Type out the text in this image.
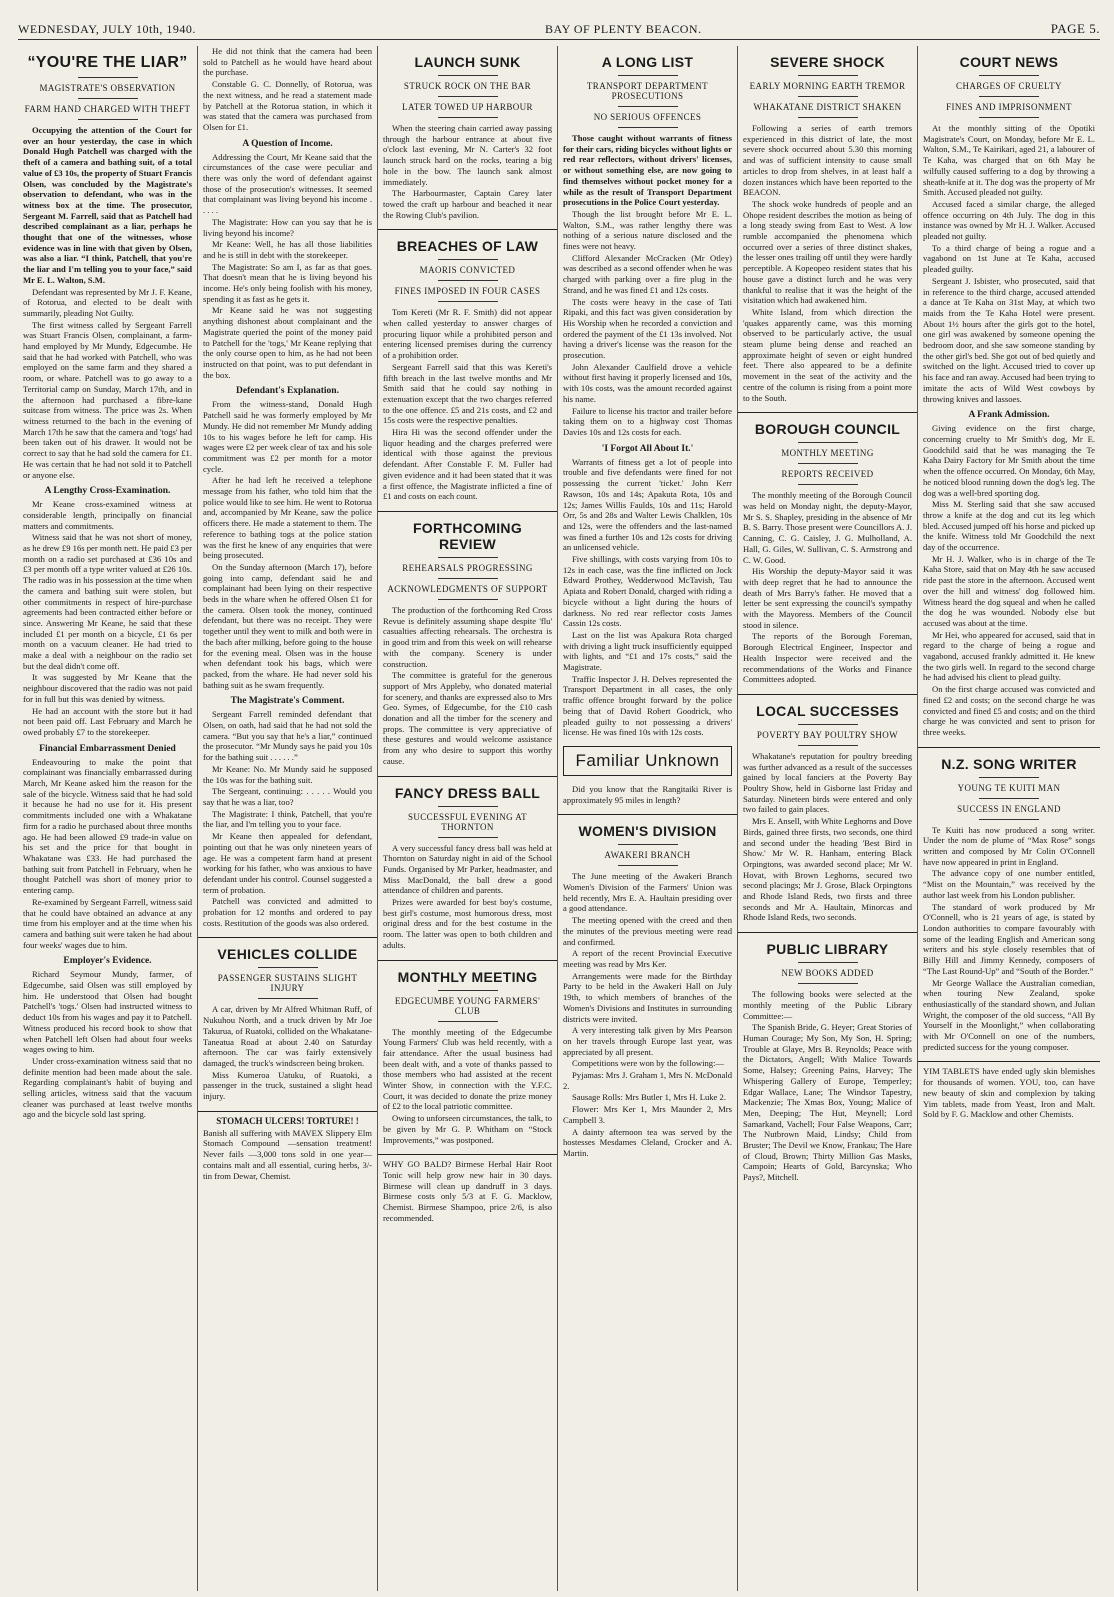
WEDNESDAY, JULY 10th, 1940.	BAY OF PLENTY BEACON.	PAGE 5.
“YOU'RE THE LIAR”
MAGISTRATE'S OBSERVATION
FARM HAND CHARGED WITH THEFT

Occupying the attention of the Court for over an hour yesterday, the case in which Donald Hugh Patchell was charged with the theft of a camera and bathing suit, of a total value of £3 10s, the property of Stuart Francis Olsen, was concluded by the Magistrate's observation to defendant, who was in the witness box at the time. The prosecutor, Sergeant M. Farrell, said that as Patchell had described complainant as a liar, perhaps he thought that one of the witnesses, whose evidence was in line with that given by Olsen, was also a liar. “I think, Patchell, that you're the liar and I'm telling you to your face,” said Mr E. L. Walton, S.M.

Defendant was represented by Mr J. F. Keane, of Rotorua, and elected to be dealt with summarily, pleading Not Guilty.

The first witness called by Sergeant Farrell was Stuart Francis Olsen, complainant, a farm-hand employed by Mr Mundy, Edgecumbe. He said that he had worked with Patchell, who was employed on the same farm and they shared a room, or whare. Patchell was to go away to a Territorial camp on Sunday, March 17th, and in the afternoon had purchased a fibre-kane suitcase from witness. The price was 2s. When witness returned to the bach in the evening of March 17th he saw that the camera and 'togs' had been taken out of his drawer. It would not be correct to say that he had sold the camera for £1. He was certain that he had not sold it to Patchell or anyone else.

A Lengthy Cross-Examination.

Mr Keane cross-examined witness at considerable length, principally on financial matters and commitments.

Witness said that he was not short of money, as he drew £9 16s per month nett. He paid £3 per month on a radio set purchased at £36 10s and £3 per month off a type writer valued at £26 10s. The radio was in his possession at the time when the camera and bathing suit were stolen, but other commitments in respect of hire-purchase agreements had been contracted either before or since. Answering Mr Keane, he said that these included £1 per month on a bicycle, £1 6s per month on a vacuum cleaner. He had tried to make a deal with a neighbour on the radio set but the deal didn't come off.

It was suggested by Mr Keane that the neighbour discovered that the radio was not paid for in full but this was denied by witness.

He had an account with the store but it had not been paid off. Last February and March he owed probably £7 to the storekeeper.

Financial Embarrassment Denied

Endeavouring to make the point that complainant was financially embarrassed during March, Mr Keane asked him the reason for the sale of the bicycle. Witness said that he had sold it because he had no use for it. His present commitments included one with a Whakatane firm for a radio he purchased about three months ago. He had been allowed £9 trade-in value on his set and the price for that bought in Whakatane was £33. He had purchased the bathing suit from Patchell in February, when he thought Patchell was short of money prior to entering camp.

Re-examined by Sergeant Farrell, witness said that he could have obtained an advance at any time from his employer and at the time when his camera and bathing suit were taken he had about four weeks' wages due to him.

Employer's Evidence.

Richard Seymour Mundy, farmer, of Edgecumbe, said Olsen was still employed by him. He understood that Olsen had bought Patchell's 'togs.' Olsen had instructed witness to deduct 10s from his wages and pay it to Patchell. Witness produced his record book to show that when Patchell left Olsen had about four weeks wages owing to him.

Under cross-examination witness said that no definite mention had been made about the sale. Regarding complainant's habit of buying and selling articles, witness said that the vacuum cleaner was purchased at least twelve months ago and the bicycle sold last spring.

He did not think that the camera had been sold to Patchell as he would have heard about the purchase.

Constable G. C. Donnelly, of Rotorua, was the next witness, and he read a statement made by Patchell at the Rotorua station, in which it was stated that the camera was purchased from Olsen for £1.

A Question of Income.

Addressing the Court, Mr Keane said that the circumstances of the case were peculiar and there was only the word of defendant against those of the prosecution's witnesses. It seemed that complainant was living beyond his income . . . . .

The Magistrate: How can you say that he is living beyond his income?

Mr Keane: Well, he has all those liabilities and he is still in debt with the storekeeper.

The Magistrate: So am I, as far as that goes. That doesn't mean that he is living beyond his income. He's only being foolish with his money, spending it as fast as he gets it.

Mr Keane said he was not suggesting anything dishonest about complainant and the Magistrate queried the point of the money paid to Patchell for the 'togs,' Mr Keane replying that the only course open to him, as he had not been instructed on that point, was to put defendant in the box.

Defendant's Explanation.

From the witness-stand, Donald Hugh Patchell said he was formerly employed by Mr Mundy. He did not remember Mr Mundy adding 10s to his wages before he left for camp. His wages were £2 per week clear of tax and his sole commitment was £2 per month for a motor cycle.

After he had left he received a telephone message from his father, who told him that the police would like to see him. He went to Rotorua and, accompanied by Mr Keane, saw the police officers there. He made a statement to them. The reference to bathing togs at the police station was the first he knew of any enquiries that were being prosecuted.

On the Sunday afternoon (March 17), before going into camp, defendant said he and complainant had been lying on their respective beds in the whare when he offered Olsen £1 for the camera. Olsen took the money, continued defendant, but there was no receipt. They were together until they went to milk and both were in the bach after milking, before going to the house for the evening meal. Olsen was in the house when defendant took his bags, which were packed, from the whare. He had never sold his bathing suit as he swam frequently.

The Magistrate's Comment.

Sergeant Farrell reminded defendant that Olsen, on oath, had said that he had not sold the camera. “But you say that he's a liar,” continued the prosecutor. “Mr Mundy says he paid you 10s for the bathing suit . . . . . .”

Mr Keane: No. Mr Mundy said he supposed the 10s was for the bathing suit.

The Sergeant, continuing: . . . . . Would you say that he was a liar, too?

The Magistrate: I think, Patchell, that you're the liar, and I'm telling you to your face.

Mr Keane then appealed for defendant, pointing out that he was only nineteen years of age. He was a competent farm hand at present working for his father, who was anxious to have defendant under his control. Counsel suggested a term of probation.

Patchell was convicted and admitted to probation for 12 months and ordered to pay costs. Restitution of the goods was also ordered.

VEHICLES COLLIDE
PASSENGER SUSTAINS SLIGHT INJURY

A car, driven by Mr Alfred Whitman Ruff, of Nukuhou North, and a truck driven by Mr Joe Takurua, of Ruatoki, collided on the Whakatane-Taneatua Road at about 2.40 on Saturday afternoon. The car was fairly extensively damaged, the truck's windscreen being broken.

Miss Kumeroa Uatuku, of Ruatoki, a passenger in the truck, sustained a slight head injury.

STOMACH ULCERS! TORTURE! !

Banish all suffering with MAVEX Slippery Elm Stomach Compound —sensation treatment! Never fails —3,000 tons sold in one year—contains malt and all essential, curing herbs, 3/- tin from Dewar, Chemist.

LAUNCH SUNK
STRUCK ROCK ON THE BAR
LATER TOWED UP HARBOUR

When the steering chain carried away passing through the harbour entrance at about five o'clock last evening, Mr N. Carter's 32 foot launch struck hard on the rocks, tearing a big hole in the bow. The launch sank almost immediately.

The Harbourmaster, Captain Carey later towed the craft up harbour and beached it near the Rowing Club's pavilion.

BREACHES OF LAW
MAORIS CONVICTED
FINES IMPOSED IN FOUR CASES

Tom Kereti (Mr R. F. Smith) did not appear when called yesterday to answer charges of procuring liquor while a prohibited person and entering licensed premises during the currency of a prohibition order.

Sergeant Farrell said that this was Kereti's fifth breach in the last twelve months and Mr Smith said that he could say nothing in extenuation except that the two charges referred to the one offence. £5 and 21s costs, and £2 and 15s costs were the respective penalties.

Hira Hi was the second offender under the liquor heading and the charges preferred were identical with those against the previous defendant. After Constable F. M. Fuller had given evidence and it had been stated that it was a first offence, the Magistrate inflicted a fine of £1 and costs on each count.

FORTHCOMING REVIEW
REHEARSALS PROGRESSING
ACKNOWLEDGMENTS OF SUPPORT

The production of the forthcoming Red Cross Revue is definitely assuming shape despite 'flu' casualties affecting rehearsals. The orchestra is in good trim and from this week on will rehearse with the company. Scenery is under construction.

The committee is grateful for the generous support of Mrs Appleby, who donated material for scenery, and thanks are expressed also to Mrs Geo. Symes, of Edgecumbe, for the £10 cash donation and all the timber for the scenery and props. The committee is very appreciative of these gestures and would welcome assistance from any who desire to support this worthy cause.

FANCY DRESS BALL
SUCCESSFUL EVENING AT THORNTON

A very successful fancy dress ball was held at Thornton on Saturday night in aid of the School Funds. Organised by Mr Parker, headmaster, and Miss MacDonald, the ball drew a good attendance of children and parents.

Prizes were awarded for best boy's costume, best girl's costume, most humorous dress, most original dress and for the best costume in the room. The latter was open to both children and adults.

MONTHLY MEETING
EDGECUMBE YOUNG FARMERS' CLUB

The monthly meeting of the Edgecumbe Young Farmers' Club was held recently, with a fair attendance. After the usual business had been dealt with, and a vote of thanks passed to those members who had assisted at the recent Winter Show, in connection with the Y.F.C. Court, it was decided to donate the prize money of £2 to the local patriotic committee.

Owing to unforseen circumstances, the talk, to be given by Mr G. P. Whitham on “Stock Improvements,” was postponed.

WHY GO BALD? Birmese Herbal Hair Root Tonic will help grow new hair in 30 days. Birmese will clean up dandruff in 3 days. Birmese costs only 5/3 at F. G. Macklow, Chemist. Birmese Shampoo, price 2/6, is also recommended.

A LONG LIST
TRANSPORT DEPARTMENT PROSECUTIONS
NO SERIOUS OFFENCES

Those caught without warrants of fitness for their cars, riding bicycles without lights or red rear reflectors, without drivers' licenses, or without something else, are now going to find themselves without pocket money for a while as the result of Transport Department prosecutions in the Police Court yesterday.

Though the list brought before Mr E. L. Walton, S.M., was rather lengthy there was nothing of a serious nature disclosed and the fines were not heavy.

Clifford Alexander McCracken (Mr Otley) was described as a second offender when he was charged with parking over a fire plug in the Strand, and he was fined £1 and 12s costs.

The costs were heavy in the case of Tati Ripaki, and this fact was given consideration by His Worship when he recorded a conviction and ordered the payment of the £1 13s involved. Not having a driver's license was the reason for the prosecution.

John Alexander Caulfield drove a vehicle without first having it properly licensed and 10s, with 10s costs, was the amount recorded against his name.

Failure to license his tractor and trailer before taking them on to a highway cost Thomas Davies 10s and 12s costs for each.

'I Forgot All About It.'

Warrants of fitness get a lot of people into trouble and five defendants were fined for not possessing the current 'ticket.' John Kerr Rawson, 10s and 14s; Apakuta Rota, 10s and 12s; James Willis Faulds, 10s and 11s; Harold Orr, 5s and 28s and Walter Lewis Chalklen, 10s and 12s, were the offenders and the last-named was fined a further 10s and 12s costs for driving an unlicensed vehicle.

Five shillings, with costs varying from 10s to 12s in each case, was the fine inflicted on Jock Edward Prothey, Wedderwood McTavish, Tau Apiata and Robert Donald, charged with riding a bicycle without a light during the hours of darkness. No red rear reflector costs James Cassin 12s costs.

Last on the list was Apakura Rota charged with driving a light truck insufficiently equipped with lights, and “£1 and 17s costs,” said the Magistrate.

Traffic Inspector J. H. Delves represented the Transport Department in all cases, the only traffic offence brought forward by the police being that of David Robert Goodrick, who pleaded guilty to not possessing a drivers' license. He was fined 10s with 12s costs.

Familiar Unknown

Did you know that the Rangitaiki River is approximately 95 miles in length?

WOMEN'S DIVISION
AWAKERI BRANCH

The June meeting of the Awakeri Branch Women's Division of the Farmers' Union was held recently, Mrs E. A. Haultain presiding over a good attendance.

The meeting opened with the creed and then the minutes of the previous meeting were read and confirmed.

A report of the recent Provincial Executive meeting was read by Mrs Ker.

Arrangements were made for the Birthday Party to be held in the Awakeri Hall on July 19th, to which members of branches of the Women's Divisions and Institutes in surrounding districts were invited.

A very interesting talk given by Mrs Pearson on her travels through Europe last year, was appreciated by all present.

Competitions were won by the following:—

Pyjamas: Mrs J. Graham 1, Mrs N. McDonald 2.

Sausage Rolls: Mrs Butler 1, Mrs H. Luke 2.

Flower: Mrs Ker 1, Mrs Maunder 2, Mrs Campbell 3.

A dainty afternoon tea was served by the hostesses Mesdames Cleland, Crocker and A. Martin.

SEVERE SHOCK
EARLY MORNING EARTH TREMOR
WHAKATANE DISTRICT SHAKEN

Following a series of earth tremors experienced in this district of late, the most severe shock occurred about 5.30 this morning and was of sufficient intensity to cause small articles to drop from shelves, in at least half a dozen instances which have been reported to the BEACON.

The shock woke hundreds of people and an Ohope resident describes the motion as being of a long steady swing from East to West. A low rumble accompanied the phenomena which occurred over a series of three distinct shakes, the lesser ones trailing off until they were hardly perceptible. A Kopeopeo resident states that his house gave a distinct lurch and he was very thankful to realise that it was the height of the visitation which had awakened him.

White Island, from which direction the 'quakes apparently came, was this morning observed to be particularly active, the usual steam plume being dense and reached an approximate height of seven or eight hundred feet. There also appeared to be a definite movement in the seat of the activity and the centre of the column is rising from a point more to the South.

BOROUGH COUNCIL
MONTHLY MEETING
REPORTS RECEIVED

The monthly meeting of the Borough Council was held on Monday night, the deputy-Mayor, Mr S. S. Shapley, presiding in the absence of Mr B. S. Barry. Those present were Councillors A. J. Canning, C. G. Caisley, J. G. Mulholland, A. Hall, G. Giles, W. Sullivan, C. S. Armstrong and C. W. Good.

His Worship the deputy-Mayor said it was with deep regret that he had to announce the death of Mrs Barry's father. He moved that a letter be sent expressing the council's sympathy with the Mayoress. Members of the Council stood in silence.

The reports of the Borough Foreman, Borough Electrical Engineer, Inspector and Health Inspector were received and the recommendations of the Works and Finance Committees adopted.

LOCAL SUCCESSES
POVERTY BAY POULTRY SHOW

Whakatane's reputation for poultry breeding was further advanced as a result of the successes gained by local fanciers at the Poverty Bay Poultry Show, held in Gisborne last Friday and Saturday. Nineteen birds were entered and only two failed to gain places.

Mrs E. Ansell, with White Leghorns and Dove Birds, gained three firsts, two seconds, one third and second under the heading 'Best Bird in Show.' Mr W. R. Hanham, entering Black Orpingtons, was awarded second place; Mr W. Hovat, with Brown Leghorns, secured two second placings; Mr J. Grose, Black Orpingtons and Rhode Island Reds, two firsts and three seconds and Mr A. Haultain, Minorcas and Rhode Island Reds, two seconds.

PUBLIC LIBRARY
NEW BOOKS ADDED

The following books were selected at the monthly meeting of the Public Library Committee:—

The Spanish Bride, G. Heyer; Great Stories of Human Courage; My Son, My Son, H. Spring; Trouble at Glaye, Mrs B. Reynolds; Peace with the Dictators, Angell; With Malice Towards Some, Halsey; Greening Pains, Harvey; The Whispering Gallery of Europe, Temperley; Edgar Wallace, Lane; The Windsor Tapestry, Mackenzie; The Xmas Box, Young; Malice of Men, Deeping; The Hut, Meynell; Lord Samarkand, Vachell; Four False Weapons, Carr; The Nutbrown Maid, Lindsy; Child from Bruster; The Devil we Know, Frankau; The Hare of Cloud, Brown; Thirty Million Gas Masks, Campoin; Hearts of Gold, Barcynska; Who Pays?, Mitchell.

COURT NEWS
CHARGES OF CRUELTY
FINES AND IMPRISONMENT

At the monthly sitting of the Opotiki Magistrate's Court, on Monday, before Mr E. L. Walton, S.M., Te Kairikari, aged 21, a labourer of Te Kaha, was charged that on 6th May he wilfully caused suffering to a dog by throwing a sheath-knife at it. The dog was the property of Mr Smith. Accused pleaded not guilty.

Accused faced a similar charge, the alleged offence occurring on 4th July. The dog in this instance was owned by Mr H. J. Walker. Accused pleaded not guilty.

To a third charge of being a rogue and a vagabond on 1st June at Te Kaha, accused pleaded guilty.

Sergeant J. Isbister, who prosecuted, said that in reference to the third charge, accused attended a dance at Te Kaha on 31st May, at which two maids from the Te Kaha Hotel were present. About 1½ hours after the girls got to the hotel, one girl was awakened by someone opening the bedroom door, and she saw someone standing by the other girl's bed. She got out of bed quietly and switched on the light. Accused tried to cover up his face and ran away. Accused had been trying to imitate the acts of Wild West cowboys by throwing knives and lassoes.

A Frank Admission.

Giving evidence on the first charge, concerning cruelty to Mr Smith's dog, Mr E. Goodchild said that he was managing the Te Kaha Dairy Factory for Mr Smith about the time when the offence occurred. On Monday, 6th May, he noticed blood running down the dog's leg. The dog was a well-bred sporting dog.

Miss M. Sterling said that she saw accused throw a knife at the dog and cut its leg which bled. Accused jumped off his horse and picked up the knife. Witness told Mr Goodchild the next day of the occurrence.

Mr H. J. Walker, who is in charge of the Te Kaha Store, said that on May 4th he saw accused ride past the store in the afternoon. Accused went over the hill and witness' dog followed him. Witness heard the dog squeal and when he called the dog he was wounded. Nobody else but accused was about at the time.

Mr Hei, who appeared for accused, said that in regard to the charge of being a rogue and vagabond, accused frankly admitted it. He knew the two girls well. In regard to the second charge he had advised his client to plead guilty.

On the first charge accused was convicted and fined £2 and costs; on the second charge he was convicted and fined £5 and costs; and on the third charge he was convicted and sent to prison for three weeks.

N.Z. SONG WRITER
YOUNG TE KUITI MAN
SUCCESS IN ENGLAND

Te Kuiti has now produced a song writer. Under the nom de plume of “Max Rose” songs written and composed by Mr Colin O'Connell have now appeared in print in England.

The advance copy of one number entitled, “Mist on the Mountain,” was received by the author last week from his London publisher.

The standard of work produced by Mr O'Connell, who is 21 years of age, is stated by London authorities to compare favourably with some of the leading English and American song writers and his style closely resembles that of Billy Hill and Jimmy Kennedy, composers of “The Last Round-Up” and “South of the Border.”

Mr George Wallace the Australian comedian, when touring New Zealand, spoke enthusiastically of the standard shown, and Julian Wright, the composer of the old success, “All By Yourself in the Moonlight,” when collaborating with Mr O'Connell on one of the numbers, predicted success for the young composer.

YIM TABLETS have ended ugly skin blemishes for thousands of women. YOU, too, can have new beauty of skin and complexion by taking Yim tablets, made from Yeast, Iron and Malt. Sold by F. G. Macklow and other Chemists.
